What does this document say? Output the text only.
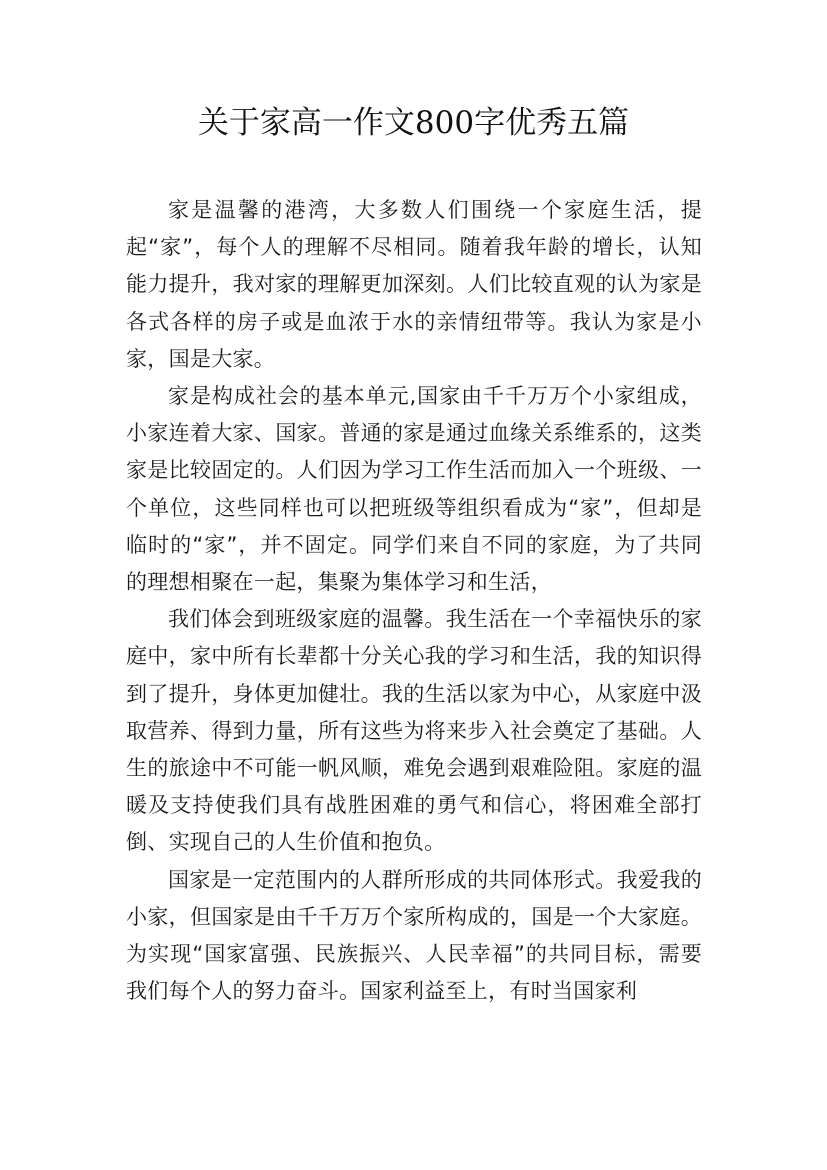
关于家高一作文800字优秀五篇

家是温馨的港湾，大多数人们围绕一个家庭生活，提起“家”，每个人的理解不尽相同。随着我年龄的增长，认知能力提升，我对家的理解更加深刻。人们比较直观的认为家是各式各样的房子或是血浓于水的亲情纽带等。我认为家是小家，国是大家。

家是构成社会的基本单元,国家由千千万万个小家组成，小家连着大家、国家。普通的家是通过血缘关系维系的，这类家是比较固定的。人们因为学习工作生活而加入一个班级、一个单位，这些同样也可以把班级等组织看成为“家”，但却是临时的“家”，并不固定。同学们来自不同的家庭，为了共同的理想相聚在一起，集聚为集体学习和生活，

我们体会到班级家庭的温馨。我生活在一个幸福快乐的家庭中，家中所有长辈都十分关心我的学习和生活，我的知识得到了提升，身体更加健壮。我的生活以家为中心，从家庭中汲取营养、得到力量，所有这些为将来步入社会奠定了基础。人生的旅途中不可能一帆风顺，难免会遇到艰难险阻。家庭的温暖及支持使我们具有战胜困难的勇气和信心，将困难全部打倒、实现自己的人生价值和抱负。

国家是一定范围内的人群所形成的共同体形式。我爱我的小家，但国家是由千千万万个家所构成的，国是一个大家庭。为实现“国家富强、民族振兴、人民幸福”的共同目标，需要我们每个人的努力奋斗。国家利益至上，有时当国家利
